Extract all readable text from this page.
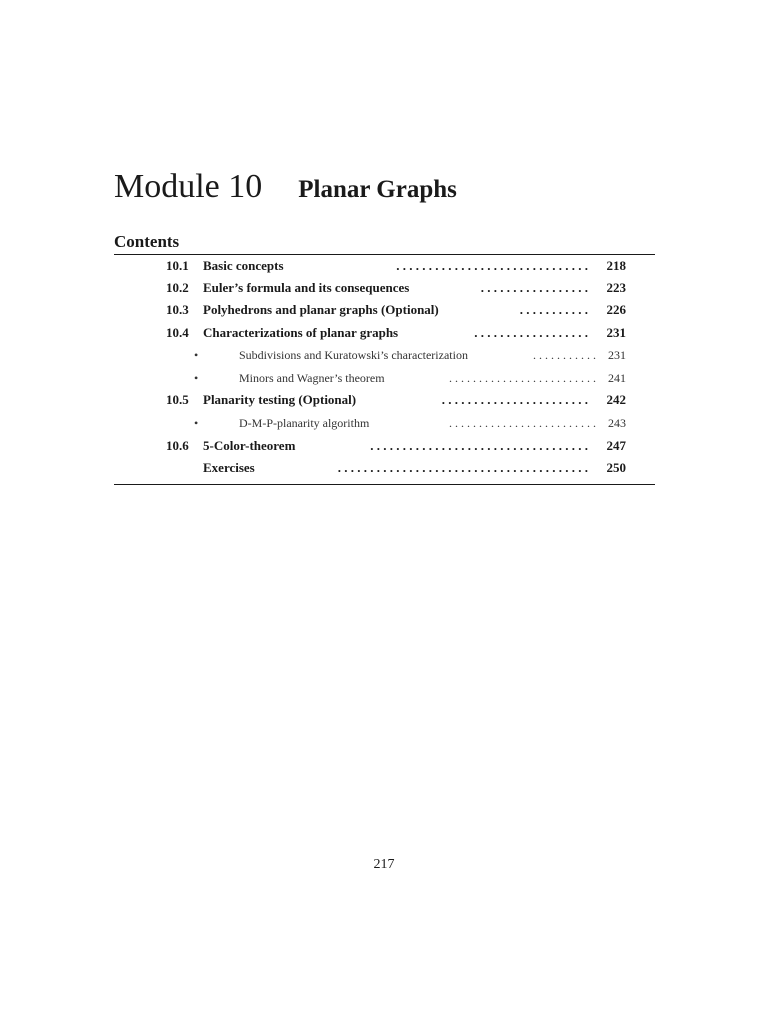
Module 10 Planar Graphs
Contents
10.1 Basic concepts	. . . . . . . . . . . . . . . . . . . . . . . . . . . . . . 218
10.2 Euler’s formula and its consequences	. . . . . . . . . . . . . . . . . 223
10.3 Polyhedrons and planar graphs (Optional)	. . . . . . . . . . . 226
10.4 Characterizations of planar graphs	. . . . . . . . . . . . . . . . . . 231
•	Subdivisions and Kuratowski’s characterization	. . . . . . . . . . . 231
•	Minors and Wagner’s theorem	. . . . . . . . . . . . . . . . . . . . . . . . . 241
10.5 Planarity testing (Optional)	. . . . . . . . . . . . . . . . . . . . . . . 242
•	D-M-P-planarity algorithm	. . . . . . . . . . . . . . . . . . . . . . . . . 243
10.6 5-Color-theorem	. . . . . . . . . . . . . . . . . . . . . . . . . . . . . . . . . . 247
Exercises	. . . . . . . . . . . . . . . . . . . . . . . . . . . . . . . . . . . . . . . 250
217
